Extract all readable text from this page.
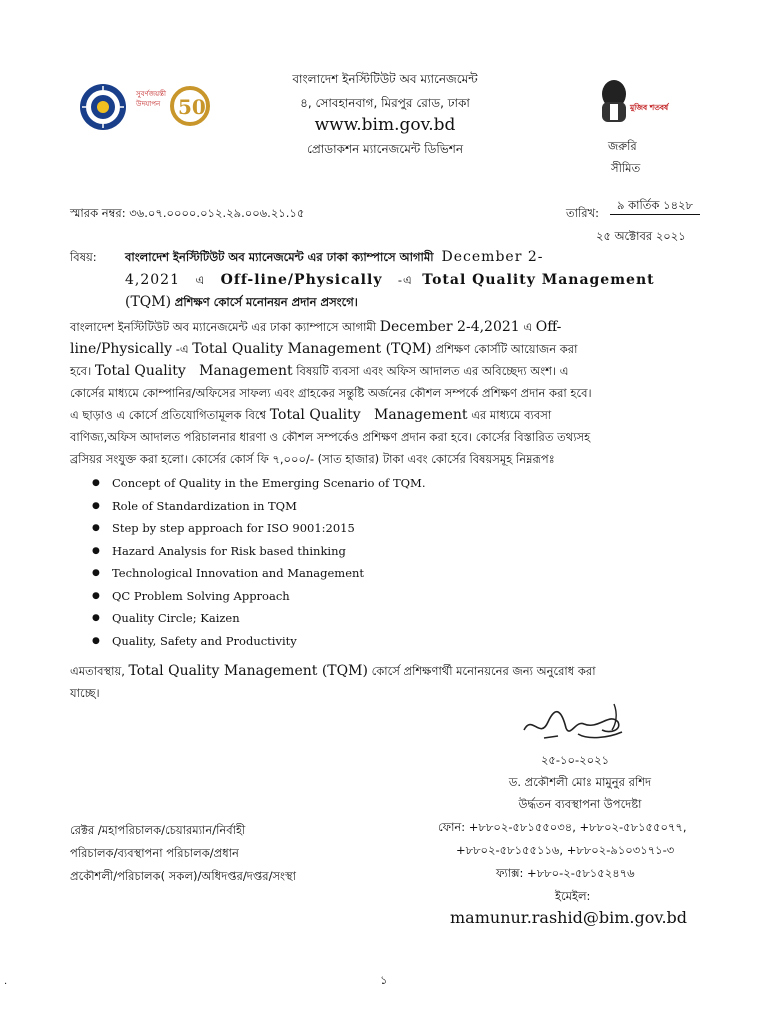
সুবর্ণজয়ন্তী
উদযাপন 50
বাংলাদেশ ইনস্টিটিউট অব ম্যানেজমেন্ট
৪, সোবহানবাগ, মিরপুর রোড, ঢাকা
www.bim.gov.bd
প্রোডাকশন ম্যানেজমেন্ট ডিভিশন
মুজিব শতবর্ষ
জরুরি
সীমিত
স্মারক নম্বর: ৩৬.০৭.০০০০.০১২.২৯.০০৬.২১.১৫	তারিখ:
৯ কার্তিক ১৪২৮
২৫ অক্টোবর ২০২১
বিষয়: বাংলাদেশ ইনস্টিটিউট অব ম্যানেজমেন্ট এর ঢাকা ক্যাম্পাসে আগামী December 2-
4,2021 এ Off-line/Physically -এ Total Quality Management
(TQM) প্রশিক্ষণ কোর্সে মনোনয়ন প্রদান প্রসংগে।
বাংলাদেশ ইনস্টিটিউট অব ম্যানেজমেন্ট এর ঢাকা ক্যাম্পাসে আগামী December 2-4,2021 এ Off-
line/Physically -এ Total Quality Management (TQM) প্রশিক্ষণ কোর্সটি আয়োজন করা
হবে। Total Quality   Management বিষয়টি ব্যবসা এবং অফিস আদালত এর অবিচ্ছেদ্য অংশ। এ
কোর্সের মাধ্যমে কোম্পানির/অফিসের সাফল্য এবং গ্রাহকের সন্তুষ্টি অর্জনের কৌশল সম্পর্কে প্রশিক্ষণ প্রদান করা হবে।
এ ছাড়াও এ কোর্সে প্রতিযোগিতামূলক বিশ্বে Total Quality   Management এর মাধ্যমে ব্যবসা
বাণিজ্য,অফিস আদালত পরিচালনার ধারণা ও কৌশল সম্পর্কেও প্রশিক্ষণ প্রদান করা হবে। কোর্সের বিস্তারিত তথ্যসহ
ব্রসিয়র সংযুক্ত করা হলো। কোর্সের কোর্স ফি ৭,০০০/- (সাত হাজার) টাকা এবং কোর্সের বিষয়সমূহ নিম্নরূপঃ
● Concept of Quality in the Emerging Scenario of TQM.
● Role of Standardization in TQM
● Step by step approach for ISO 9001:2015
● Hazard Analysis for Risk based thinking
● Technological Innovation and Management
● QC Problem Solving Approach
● Quality Circle; Kaizen
● Quality, Safety and Productivity
এমতাবস্থায়, Total Quality Management (TQM) কোর্সে প্রশিক্ষণার্থী মনোনয়নের জন্য অনুরোধ করা
যাচ্ছে।
২৫-১০-২০২১
ড. প্রকৌশলী মোঃ মামুনুর রশিদ
উর্দ্ধতন ব্যবস্থাপনা উপদেষ্টা
ফোন: +৮৮০২-৫৮১৫৫০৩৪, +৮৮০২-৫৮১৫৫০৭৭,
+৮৮০২-৫৮১৫৫১১৬, +৮৮০২-৯১০৩১৭১-৩
ফ্যাক্স: +৮৮০-২-৫৮১৫২৪৭৬
ইমেইল:
mamunur.rashid@bim.gov.bd
রেক্টর /মহাপরিচালক/চেয়ারম্যান/নির্বাহী
পরিচালক/ব্যবস্থাপনা পরিচালক/প্রধান
প্রকৌশলী/পরিচালক( সকল)/অধিদপ্তর/দপ্তর/সংস্থা
১
.
